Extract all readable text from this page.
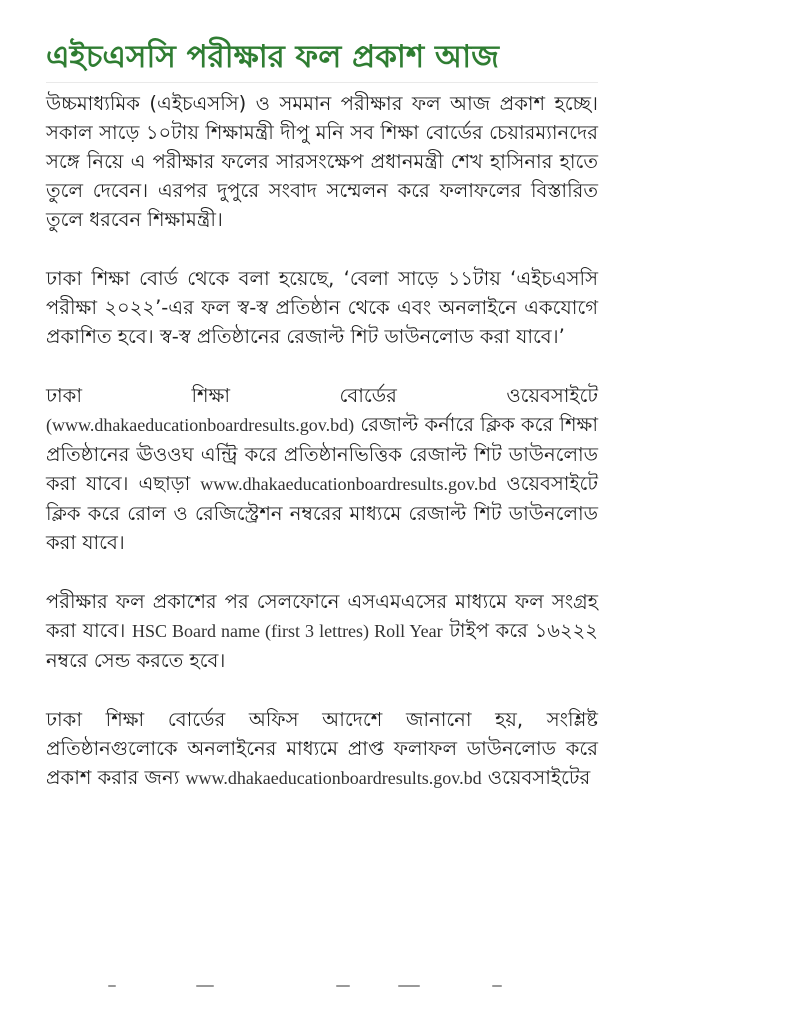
এইচএসসি পরীক্ষার ফল প্রকাশ আজ

উচ্চমাধ্যমিক (এইচএসসি) ও সমমান পরীক্ষার ফল আজ প্রকাশ হচ্ছে। সকাল সাড়ে ১০টায় শিক্ষামন্ত্রী দীপু মনি সব শিক্ষা বোর্ডের চেয়ারম্যানদের সঙ্গে নিয়ে এ পরীক্ষার ফলের সারসংক্ষেপ প্রধানমন্ত্রী শেখ হাসিনার হাতে তুলে দেবেন। এরপর দুপুরে সংবাদ সম্মেলন করে ফলাফলের বিস্তারিত তুলে ধরবেন শিক্ষামন্ত্রী।

ঢাকা শিক্ষা বোর্ড থেকে বলা হয়েছে, ‘বেলা সাড়ে ১১টায় ‘এইচএসসি পরীক্ষা ২০২২’-এর ফল স্ব-স্ব প্রতিষ্ঠান থেকে এবং অনলাইনে একযোগে প্রকাশিত হবে। স্ব-স্ব প্রতিষ্ঠানের রেজাল্ট শিট ডাউনলোড করা যাবে।’

ঢাকা শিক্ষা বোর্ডের ওয়েবসাইটে (www.dhakaeducationboardresults.gov.bd) রেজাল্ট কর্নারে ক্লিক করে শিক্ষা প্রতিষ্ঠানের ঊওওঘ এন্ট্রি করে প্রতিষ্ঠানভিত্তিক রেজাল্ট শিট ডাউনলোড করা যাবে। এছাড়া www.dhakaeducationboardresults.gov.bd ওয়েবসাইটে ক্লিক করে রোল ও রেজিস্ট্রেশন নম্বরের মাধ্যমে রেজাল্ট শিট ডাউনলোড করা যাবে।

পরীক্ষার ফল প্রকাশের পর সেলফোনে এসএমএসের মাধ্যমে ফল সংগ্রহ করা যাবে। HSC Board name (first 3 lettres) Roll Year টাইপ করে ১৬২২২ নম্বরে সেন্ড করতে হবে।

ঢাকা শিক্ষা বোর্ডের অফিস আদেশে জানানো হয়, সংশ্লিষ্ট প্রতিষ্ঠানগুলোকে অনলাইনের মাধ্যমে প্রাপ্ত ফলাফল ডাউনলোড করে প্রকাশ করার জন্য www.dhakaeducationboardresults.gov.bd ওয়েবসাইটের
